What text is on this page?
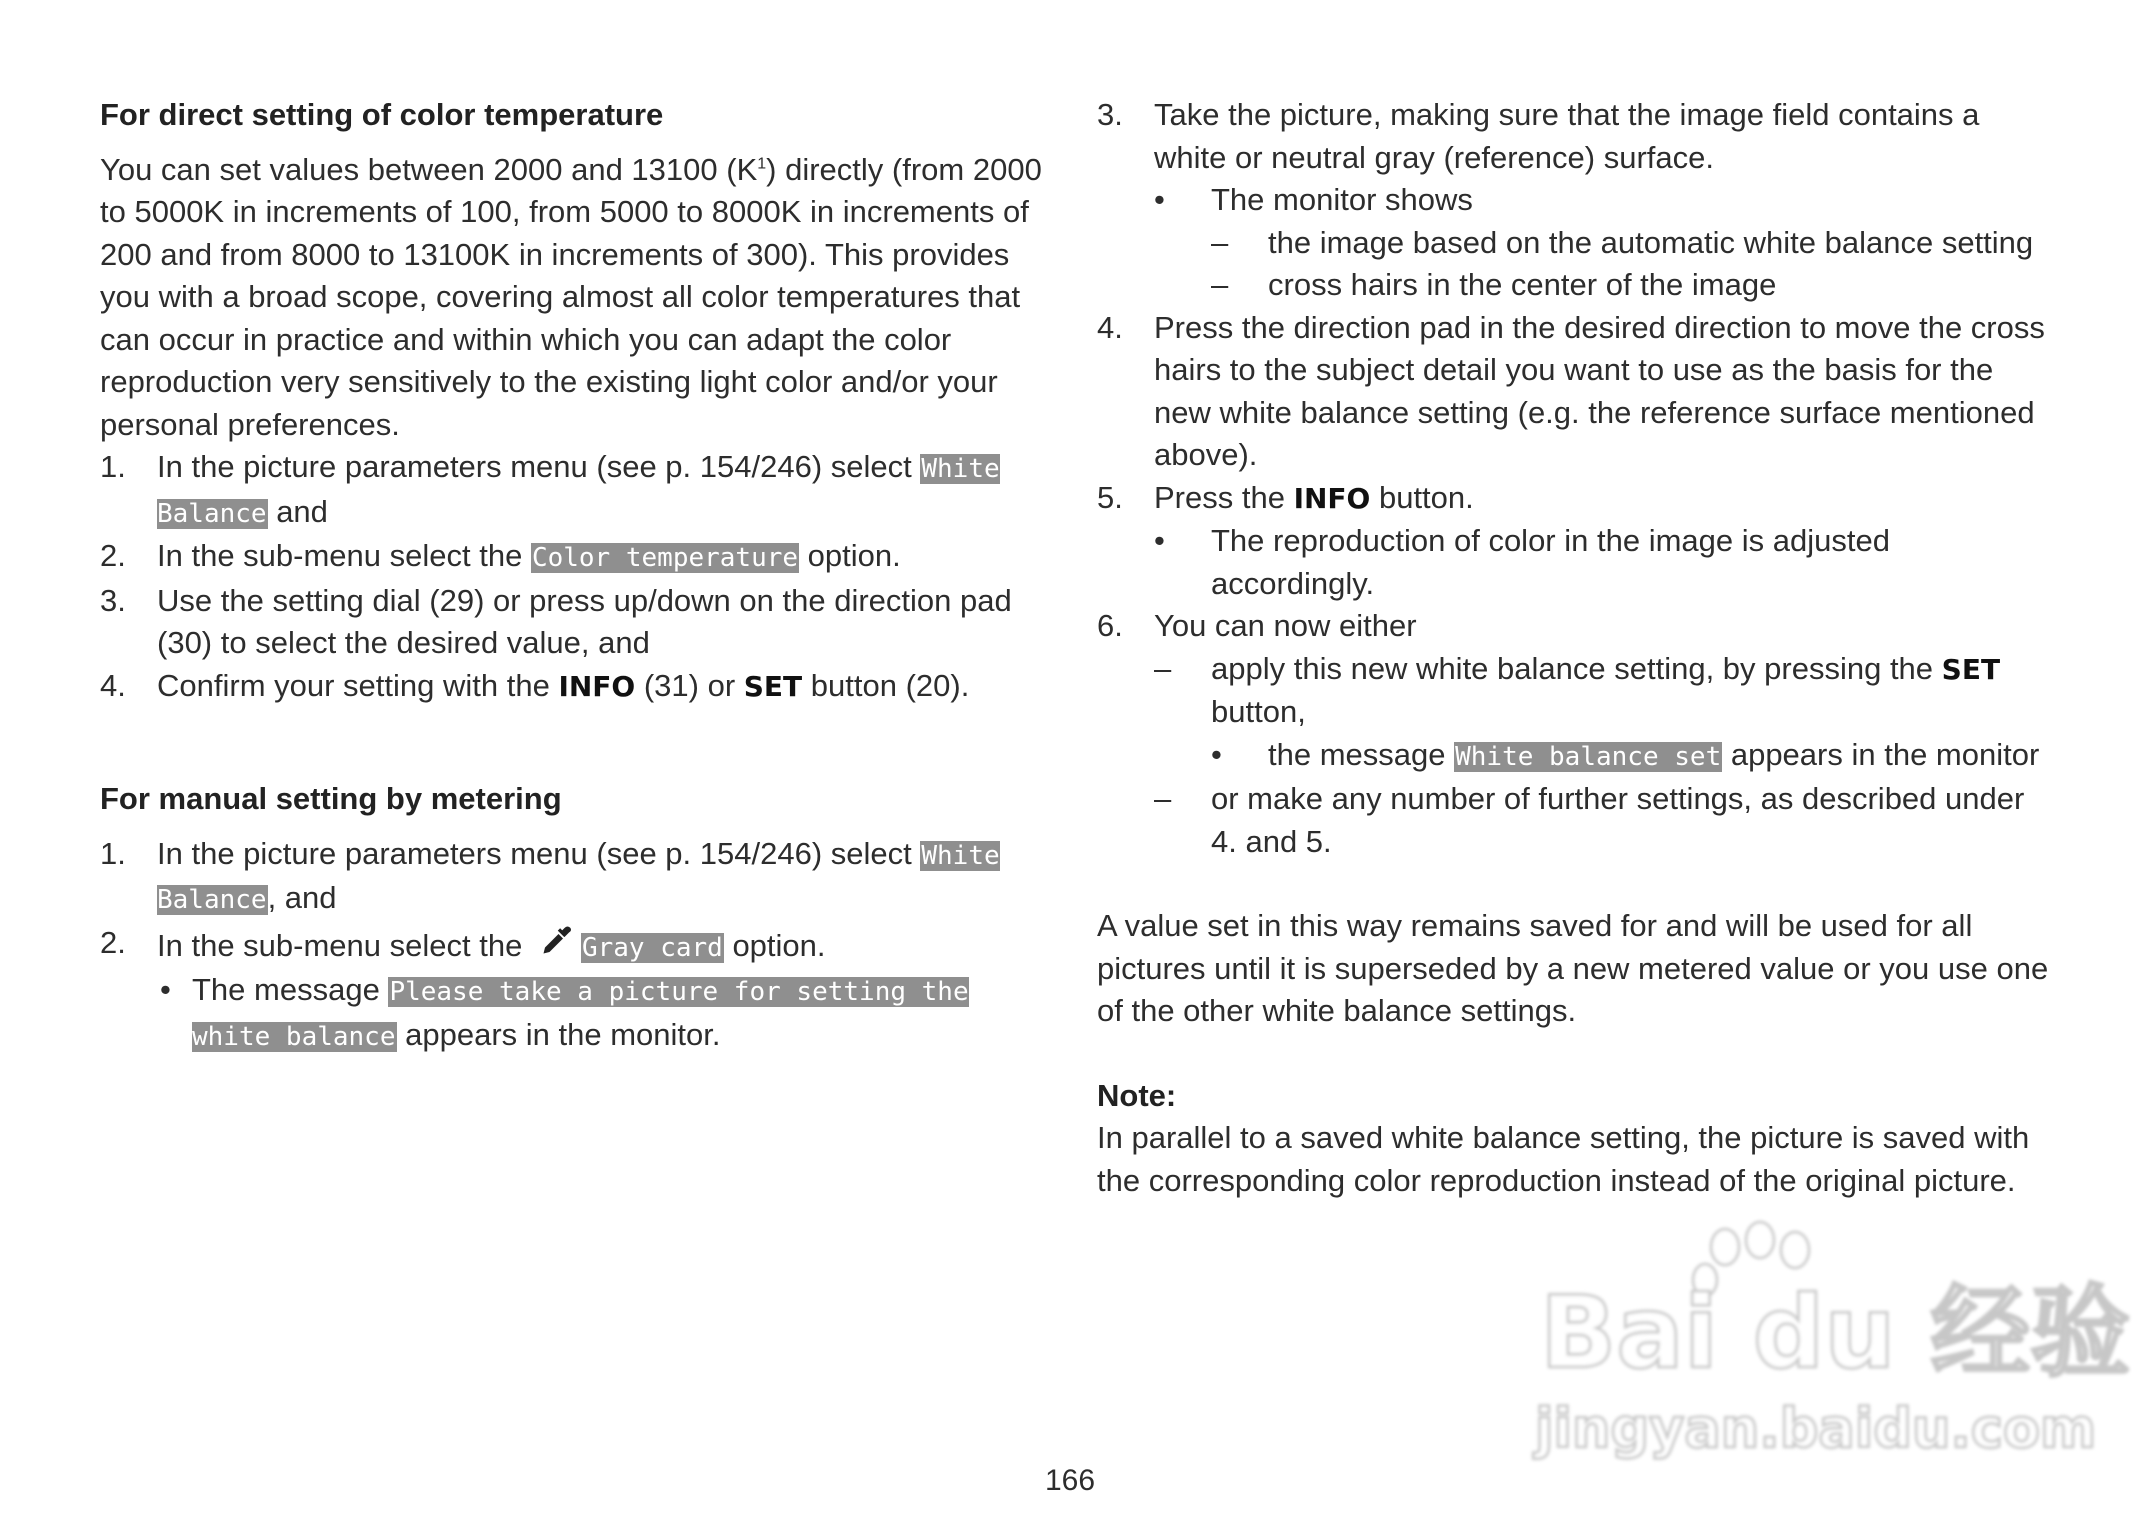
For direct setting of color temperature

You can set values between 2000 and 13100 $(K^1)$ directly (from 2000 to 5000K in increments of 100, from 5000 to 8000K in increments of 200 and from 8000 to 13100K in increments of 300). This provides you with a broad scope, covering almost all color temperatures that can occur in practice and within which you can adapt the color reproduction very sensitively to the existing light color and/or your personal preferences.

1. In the picture parameters menu (see p. 154/246) select White Balance and
2. In the sub-menu select the Color temperature option.
3. Use the setting dial (29) or press up/down on the direction pad (30) to select the desired value, and
4. Confirm your setting with the INFO (31) or SET button (20).
For manual setting by metering
1. In the picture parameters menu (see p. 154/246) select White Balance, and
2. In the sub-menu select the Gray card option.
• The message Please take a picture for setting the white balance appears in the monitor.
3. Take the picture, making sure that the image field contains a white or neutral gray (reference) surface.
• The monitor shows
– the image based on the automatic white balance setting
– cross hairs in the center of the image
4. Press the direction pad in the desired direction to move the cross hairs to the subject detail you want to use as the basis for the new white balance setting (e.g. the reference surface mentioned above).
5. Press the INFO button.
• The reproduction of color in the image is adjusted accordingly.
6. You can now either
– apply this new white balance setting, by pressing the SET button,
• the message White balance set appears in the monitor
– or make any number of further settings, as described under 4. and 5.

A value set in this way remains saved for and will be used for all pictures until it is superseded by a new metered value or you use one of the other white balance settings.

Note:

In parallel to a saved white balance setting, the picture is saved with the corresponding color reproduction instead of the original picture.

166
Bai du 经验
jingyan.baidu.com
